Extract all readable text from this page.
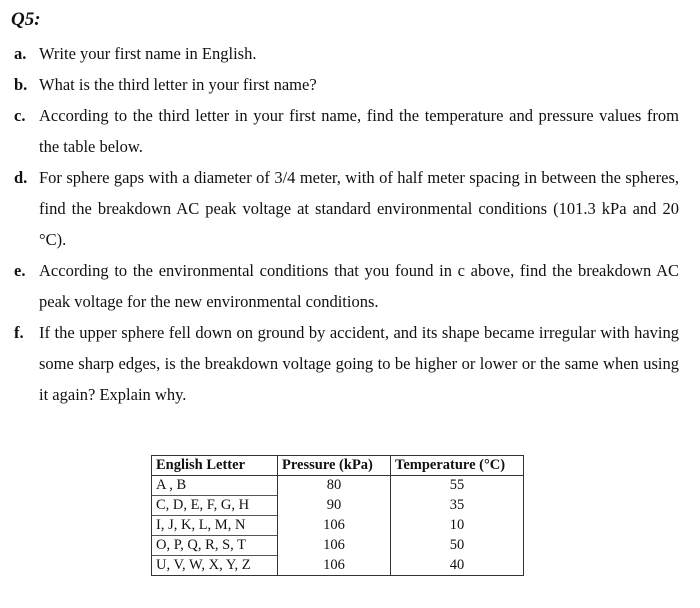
Q5:
a. Write your first name in English.
b. What is the third letter in your first name?
c. According to the third letter in your first name, find the temperature and pressure values from the table below.
d. For sphere gaps with a diameter of 3/4 meter, with of half meter spacing in between the spheres, find the breakdown AC peak voltage at standard environmental conditions (101.3 kPa and 20 °C).
e. According to the environmental conditions that you found in c above, find the breakdown AC peak voltage for the new environmental conditions.
f. If the upper sphere fell down on ground by accident, and its shape became irregular with having some sharp edges, is the breakdown voltage going to be higher or lower or the same when using it again? Explain why.
English Letter	Pressure (kPa)	Temperature (°C)
A , B	80	55
C, D, E, F, G, H	90	35
I, J, K, L, M, N	106	10
O, P, Q, R, S, T	106	50
U, V, W, X, Y, Z	106	40
